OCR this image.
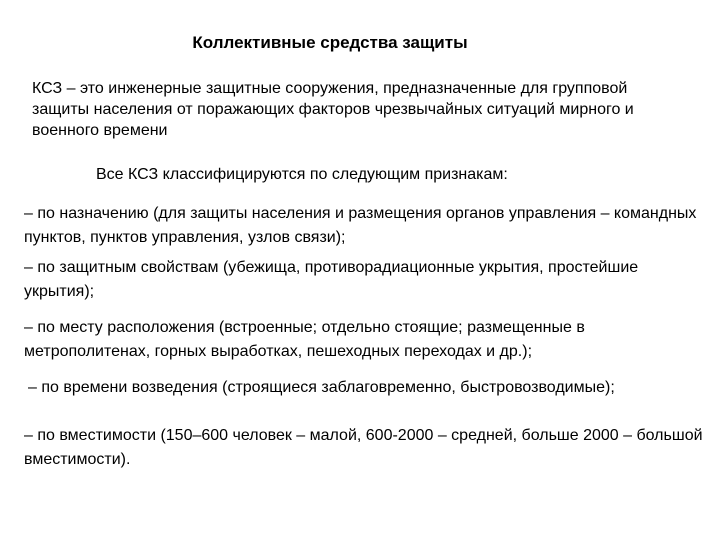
Коллективные средства защиты
КСЗ – это инженерные защитные сооружения, предназначенные для групповой защиты населения от поражающих факторов чрезвычайных ситуаций мирного и военного времени
Все КСЗ классифицируются по следующим признакам:
– по назначению (для защиты населения и размещения органов управления – командных пунктов, пунктов управления, узлов связи);
– по защитным свойствам (убежища, противорадиационные укрытия, простейшие укрытия);
– по месту расположения (встроенные; отдельно стоящие; размещенные в метрополитенах, горных выработках, пешеходных переходах и др.);
– по времени возведения (строящиеся заблаговременно, быстровозводимые);
– по вместимости (150–600 человек – малой, 600-2000 – средней, больше 2000 – большой вместимости).
